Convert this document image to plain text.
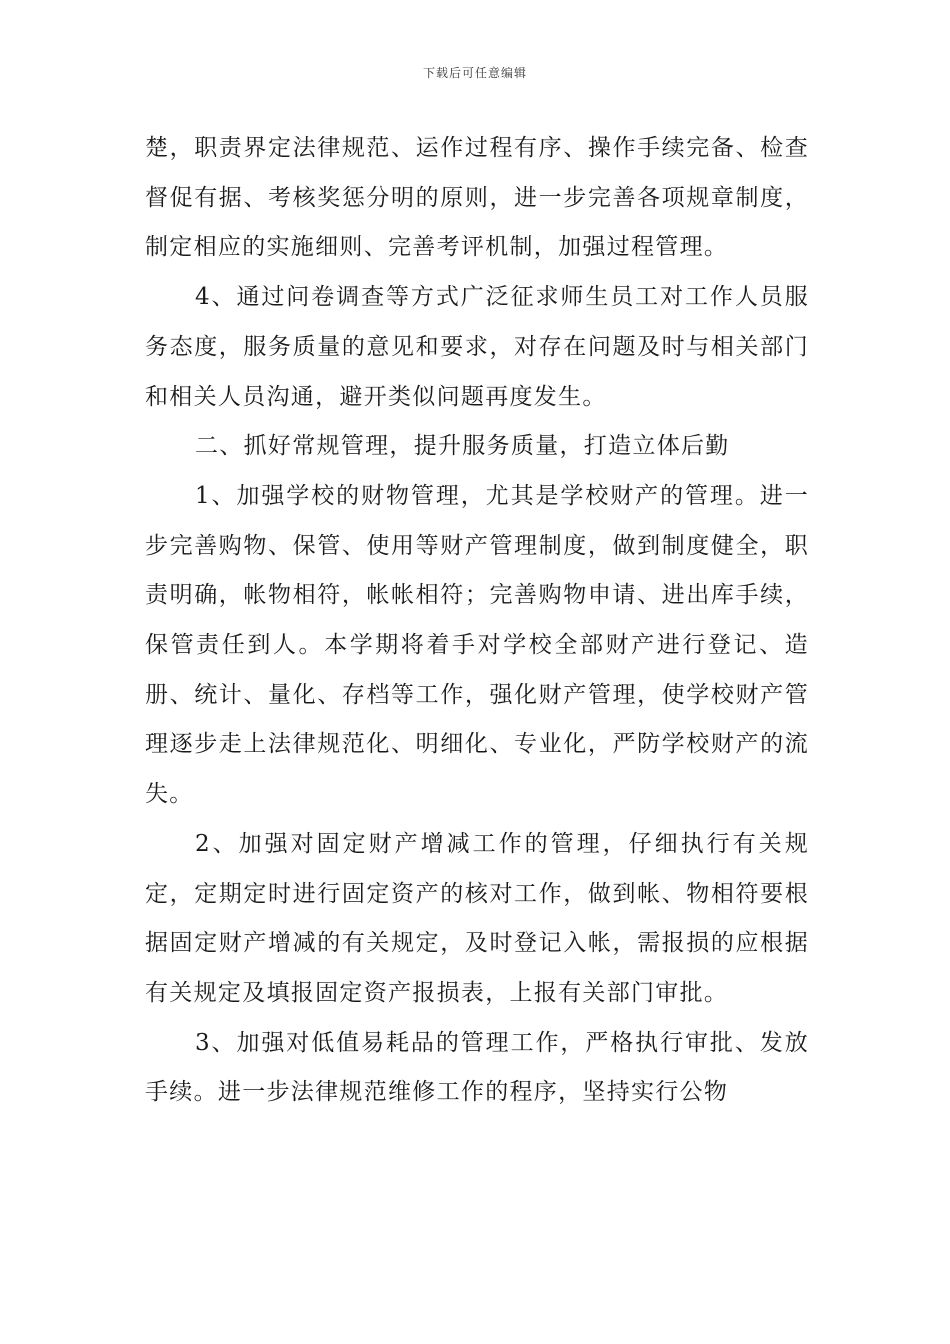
下载后可任意编辑

楚，职责界定法律规范、运作过程有序、操作手续完备、检查督促有据、考核奖惩分明的原则，进一步完善各项规章制度，制定相应的实施细则、完善考评机制，加强过程管理。

4、通过问卷调查等方式广泛征求师生员工对工作人员服务态度，服务质量的意见和要求，对存在问题及时与相关部门和相关人员沟通，避开类似问题再度发生。

二、抓好常规管理，提升服务质量，打造立体后勤

1、加强学校的财物管理，尤其是学校财产的管理。进一步完善购物、保管、使用等财产管理制度，做到制度健全，职责明确，帐物相符，帐帐相符；完善购物申请、进出库手续，保管责任到人。本学期将着手对学校全部财产进行登记、造册、统计、量化、存档等工作，强化财产管理，使学校财产管理逐步走上法律规范化、明细化、专业化，严防学校财产的流失。

2、加强对固定财产增减工作的管理，仔细执行有关规定，定期定时进行固定资产的核对工作，做到帐、物相符要根据固定财产增减的有关规定，及时登记入帐，需报损的应根据有关规定及填报固定资产报损表，上报有关部门审批。

3、加强对低值易耗品的管理工作，严格执行审批、发放手续。进一步法律规范维修工作的程序，坚持实行公物
